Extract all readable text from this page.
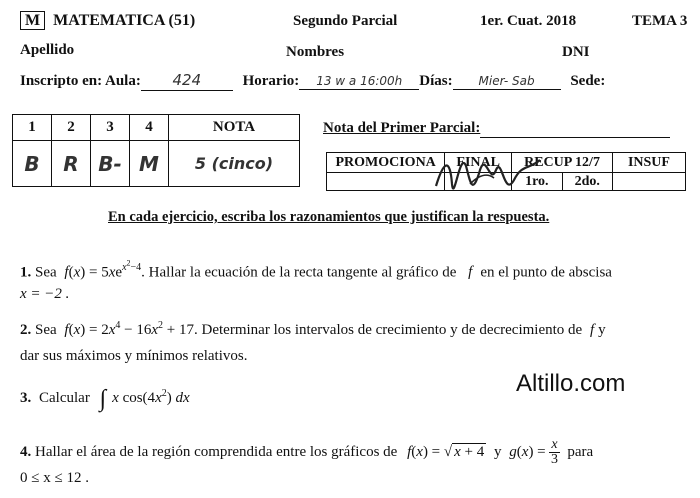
M MATEMATICA (51)	Segundo Parcial	1er. Cuat. 2018	TEMA 3
Apellido	Nombres	DNI
Inscripto en: Aula: 424	Horario: 13 w a 16:00h Días: Mier- Sab Sede:
1	2	3	4	NOTA
B	R	B-	M	5 (cinco)
Nota del Primer Parcial:
PROMOCIONA	FINAL	RECUP 12/7		INSUF
		1ro.	2do.	
En cada ejercicio, escriba los razonamientos que justifican la respuesta.
1. Sea $f(x) = 5xe^{x^2-4}$. Hallar la ecuación de la recta tangente al gráfico de f en el punto de abscisa
x = −2 .
2. Sea $f(x) = 2x^4 - 16x^2 + 17$. Determinar los intervalos de crecimiento y de decrecimiento de f y
dar sus máximos y mínimos relativos.
3. Calcular ∫ x $\cos(4x^2)$ dx
Altillo.com
4. Hallar el área de la región comprendida entre los gráficos de f(x) = √ x + 4 y $g(x) = \frac{x}{3}$ para
0 ≤ x ≤ 12 .
